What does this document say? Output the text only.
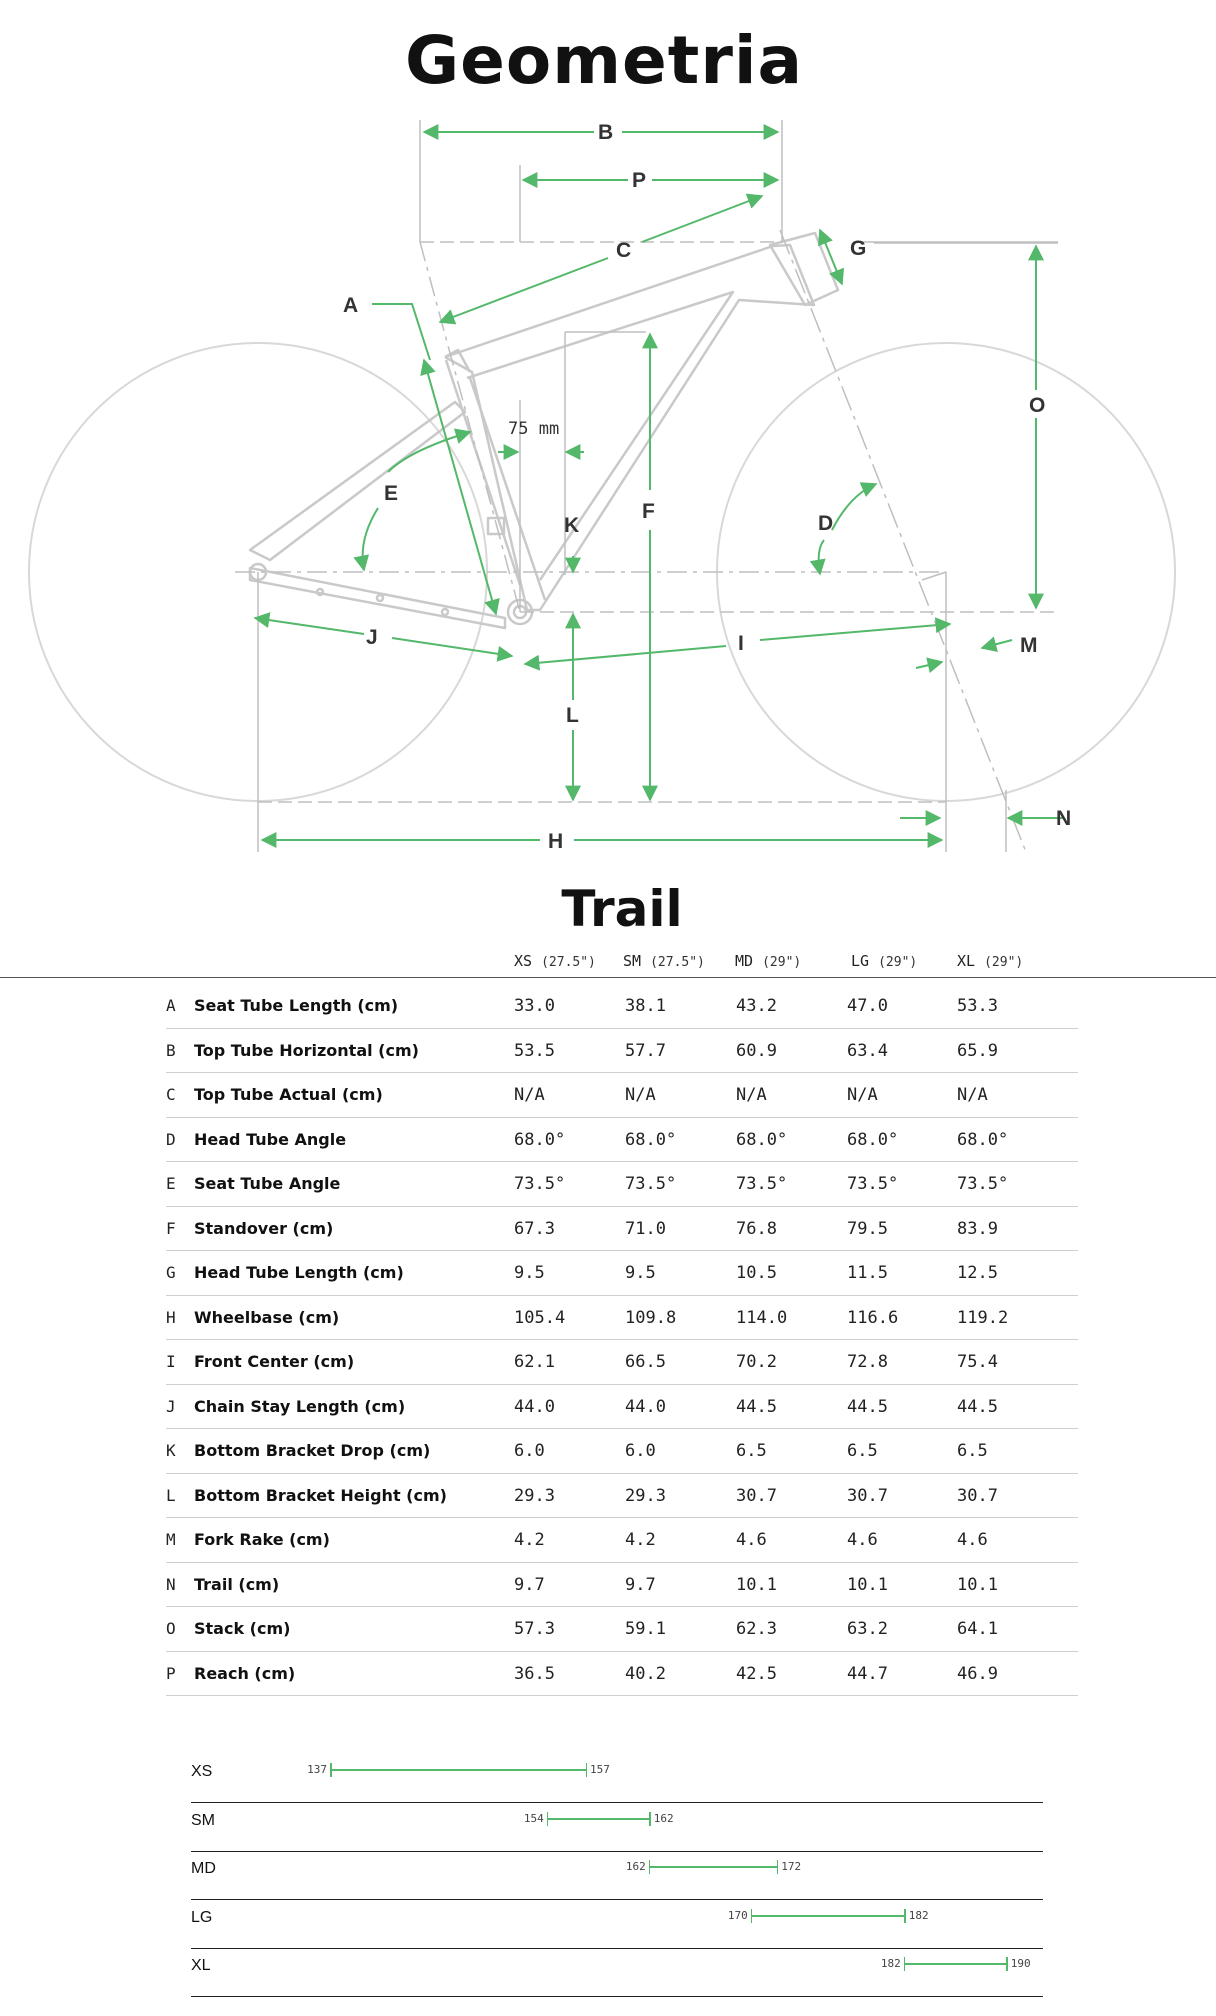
Geometria
B
P
C	G
A
O
75 mm
E
F
D
K
I
J	M
L
N
H
Trail
XS (27.5") SM (27.5") MD (29")	LG (29")	XL (29")
A Seat Tube Length (cm)	33.0	38.1	43.2	47.0	53.3
B Top Tube Horizontal (cm)	53.5	57.7	60.9	63.4	65.9
C Top Tube Actual (cm)	N/A	N/A	N/A	N/A	N/A
D Head Tube Angle	68.0°	68.0°	68.0°	68.0°	68.0°
E Seat Tube Angle	73.5°	73.5°	73.5°	73.5°	73.5°
F Standover (cm)	67.3	71.0	76.8	79.5	83.9
G Head Tube Length (cm)	9.5	9.5	10.5	11.5	12.5
H Wheelbase (cm)	105.4	109.8	114.0	116.6	119.2
I Front Center (cm)	62.1	66.5	70.2	72.8	75.4
J Chain Stay Length (cm)	44.0	44.0	44.5	44.5	44.5
K Bottom Bracket Drop (cm)	6.0	6.0	6.5	6.5	6.5
L Bottom Bracket Height (cm)	29.3	29.3	30.7	30.7	30.7
M Fork Rake (cm)	4.2	4.2	4.6	4.6	4.6
N Trail (cm)	9.7	9.7	10.1	10.1	10.1
O Stack (cm)	57.3	59.1	62.3	63.2	64.1
P Reach (cm)	36.5	40.2	42.5	44.7	46.9
XS	137	157
SM	154	162
MD	162	172
LG	170	182
XL	182	190
